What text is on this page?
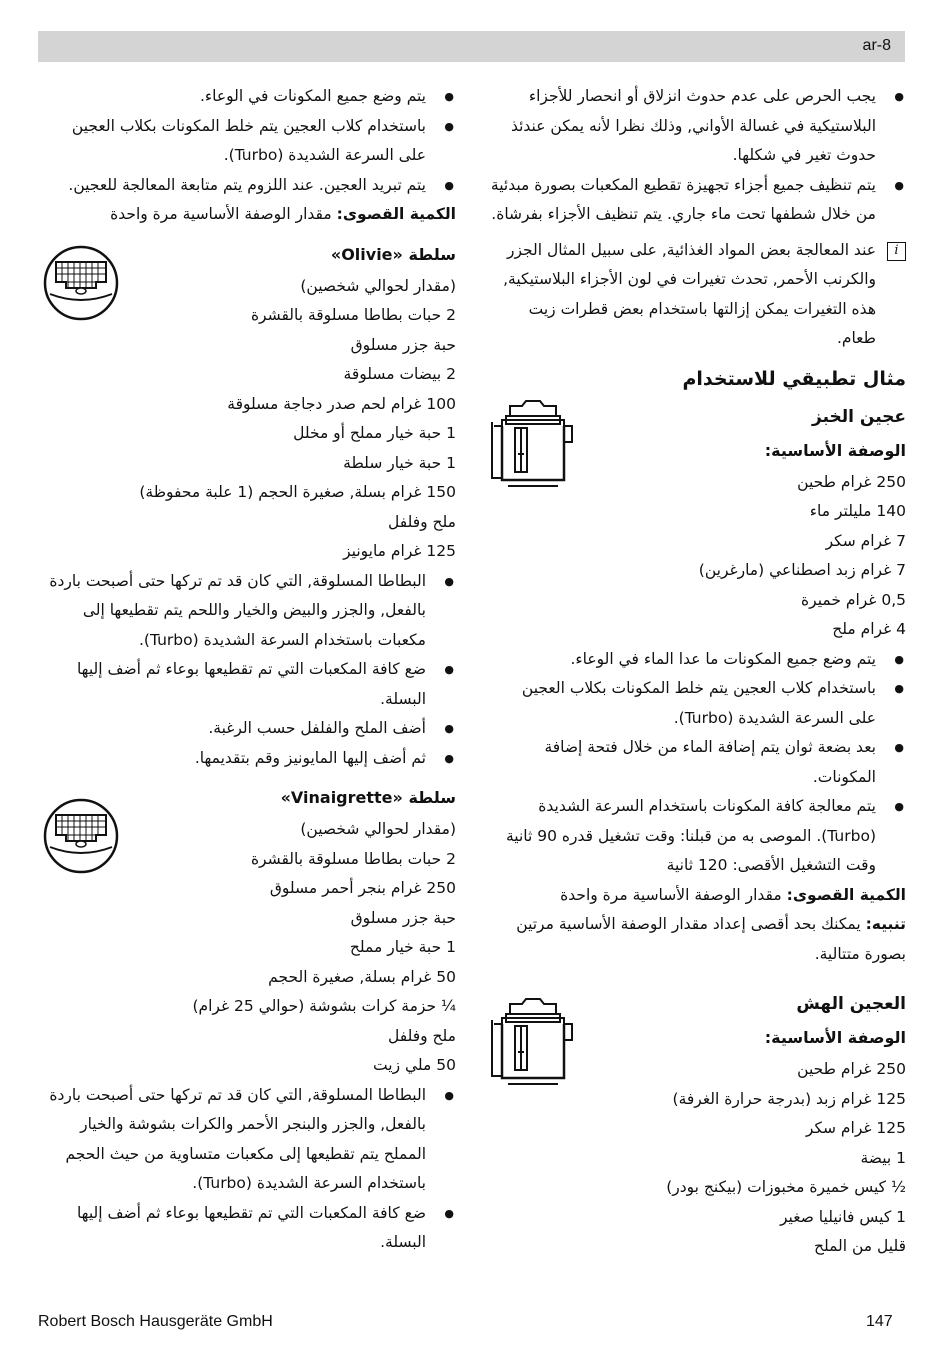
ar-8
● يجب الحرص على عدم حدوث انزلاق أو انحصار للأجزاء البلاستيكية في غسالة الأواني, وذلك نظرا لأنه يمكن عندئذ حدوث تغير في شكلها.
● يتم تنظيف جميع أجزاء تجهيزة تقطيع المكعبات بصورة مبدئية من خلال شطفها تحت ماء جاري. يتم تنظيف الأجزاء بفرشاة.
i

عند المعالجة بعض المواد الغذائية, على سبيل المثال الجزر والكرنب الأحمر, تحدث تغيرات في لون الأجزاء البلاستيكية, هذه التغيرات يمكن إزالتها باستخدام بعض قطرات زيت طعام.

مثال تطبيقي للاستخدام
عجين الخبز
الوصفة الأساسية:
250 غرام طحين
140 مليلتر ماء
7 غرام سكر
7 غرام زبد اصطناعي (مارغرين)
0,5 غرام خميرة
4 غرام ملح
● يتم وضع جميع المكونات ما عدا الماء في الوعاء.
● باستخدام كلاب العجين يتم خلط المكونات بكلاب العجين على السرعة الشديدة (Turbo).
● بعد بضعة ثوان يتم إضافة الماء من خلال فتحة إضافة المكونات.
● يتم معالجة كافة المكونات باستخدام السرعة الشديدة (Turbo). الموصى به من قبلنا: وقت تشغيل قدره 90 ثانية وقت التشغيل الأقصى: 120 ثانية
الكمية القصوى: مقدار الوصفة الأساسية مرة واحدة
تنبيه: يمكنك بحد أقصى إعداد مقدار الوصفة الأساسية مرتين بصورة متتالية.
العجين الهش
الوصفة الأساسية:
250 غرام طحين
125 غرام زبد (بدرجة حرارة الغرفة)
125 غرام سكر
1 بيضة
½ كيس خميرة مخبوزات (بيكنج بودر)
1 كيس فانيليا صغير
قليل من الملح
● يتم وضع جميع المكونات في الوعاء.
● باستخدام كلاب العجين يتم خلط المكونات بكلاب العجين على السرعة الشديدة (Turbo).
● يتم تبريد العجين. عند اللزوم يتم متابعة المعالجة للعجين.
الكمية القصوى: مقدار الوصفة الأساسية مرة واحدة
سلطة «Olivie»
(مقدار لحوالي شخصين)
2 حبات بطاطا مسلوقة بالقشرة
حبة جزر مسلوق
2 بيضات مسلوقة
100 غرام لحم صدر دجاجة مسلوقة
1 حبة خيار مملح أو مخلل
1 حبة خيار سلطة
150 غرام بسلة, صغيرة الحجم (1 علبة محفوظة)
ملح وفلفل
125 غرام مايونيز
● البطاطا المسلوقة, التي كان قد تم تركها حتى أصبحت باردة بالفعل, والجزر والبيض والخيار واللحم يتم تقطيعها إلى مكعبات باستخدام السرعة الشديدة (Turbo).
● ضع كافة المكعبات التي تم تقطيعها بوعاء ثم أضف إليها البسلة.
● أضف الملح والفلفل حسب الرغبة.
● ثم أضف إليها المايونيز وقم بتقديمها.
سلطة «Vinaigrette»
(مقدار لحوالي شخصين)
2 حبات بطاطا مسلوقة بالقشرة
250 غرام بنجر أحمر مسلوق
حبة جزر مسلوق
1 حبة خيار مملح
50 غرام بسلة, صغيرة الحجم
¼ حزمة كرات بشوشة (حوالي 25 غرام)
ملح وفلفل
50 ملي زيت
● البطاطا المسلوقة, التي كان قد تم تركها حتى أصبحت باردة بالفعل, والجزر والبنجر الأحمر والكرات بشوشة والخيار المملح يتم تقطيعها إلى مكعبات متساوية من حيث الحجم باستخدام السرعة الشديدة (Turbo).
● ضع كافة المكعبات التي تم تقطيعها بوعاء ثم أضف إليها البسلة.
Robert Bosch Hausgeräte GmbH	147
